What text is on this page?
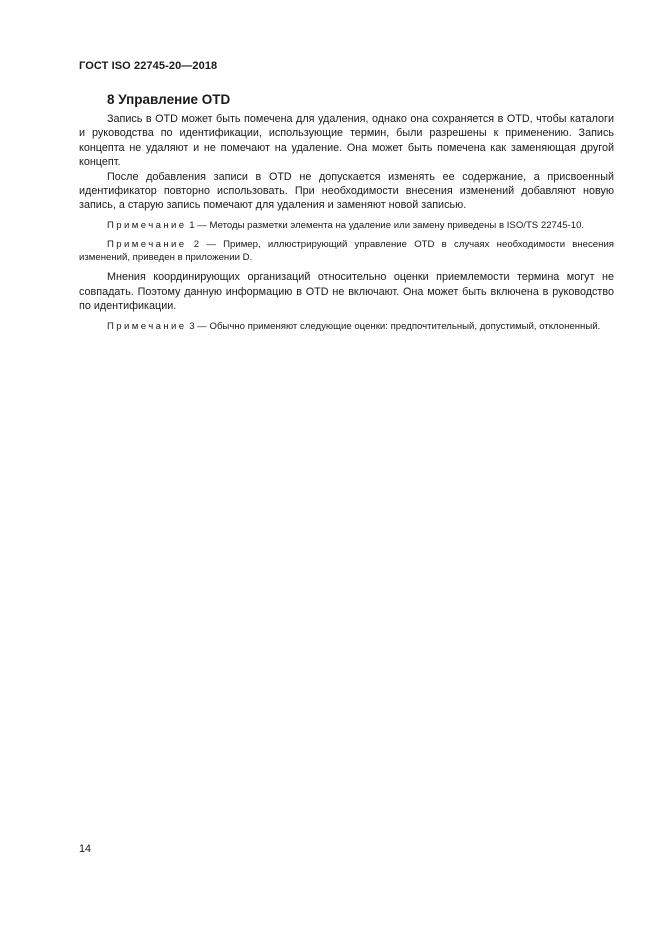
ГОСТ ISO 22745-20—2018
8 Управление OTD

Запись в OTD может быть помечена для удаления, однако она сохраняется в OTD, чтобы каталоги и руководства по идентификации, использующие термин, были разрешены к применению. Запись концепта не удаляют и не помечают на удаление. Она может быть помечена как заменяющая другой концепт.

После добавления записи в OTD не допускается изменять ее содержание, а присвоенный идентификатор повторно использовать. При необходимости внесения изменений добавляют новую запись, а старую запись помечают для удаления и заменяют новой записью.

Примечание 1 — Методы разметки элемента на удаление или замену приведены в ISO/TS 22745-10.

Примечание 2 — Пример, иллюстрирующий управление OTD в случаях необходимости внесения изменений, приведен в приложении D.

Мнения координирующих организаций относительно оценки приемлемости термина могут не совпадать. Поэтому данную информацию в OTD не включают. Она может быть включена в руководство по идентификации.

Примечание 3 — Обычно применяют следующие оценки: предпочтительный, допустимый, отклоненный.

14
